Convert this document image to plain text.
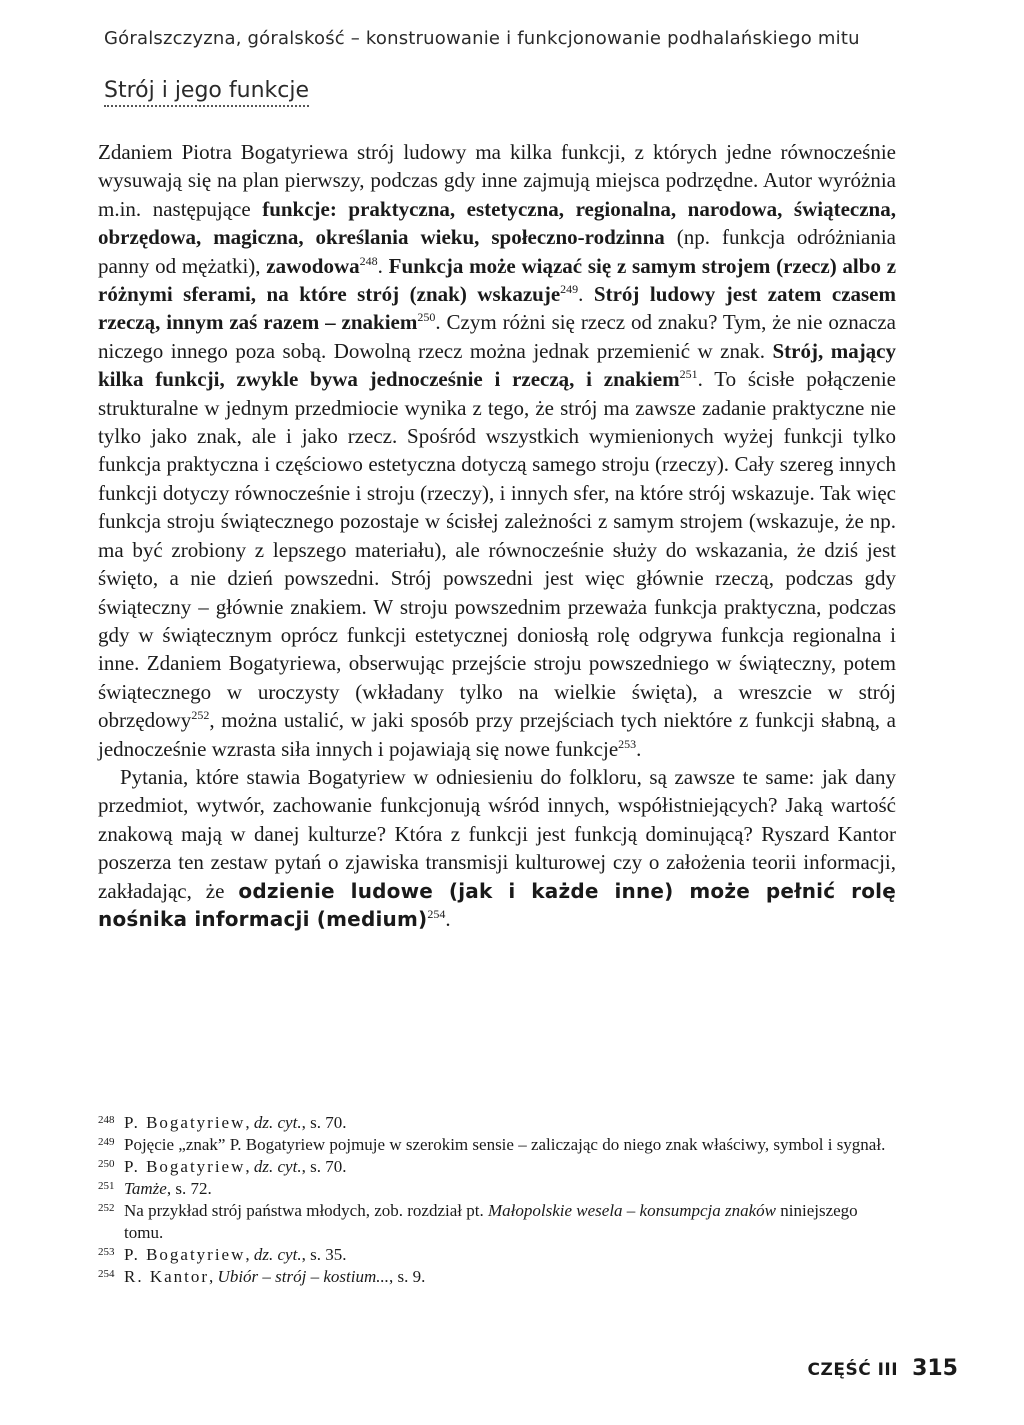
Góralszczyzna, góralskość – konstruowanie i funkcjonowanie podhalańskiego mitu
Strój i jego funkcje

Zdaniem Piotra Bogatyriewa strój ludowy ma kilka funkcji, z których jedne równocześnie wysuwają się na plan pierwszy, podczas gdy inne zajmują miejsca podrzędne. Autor wyróżnia m.in. następujące funkcje: praktyczna, estetyczna, regionalna, narodowa, świąteczna, obrzędowa, magiczna, określania wieku, społeczno-rodzinna (np. funkcja odróżniania panny od mężatki), zawodowa$^{248}$. Funkcja może wiązać się z samym strojem (rzecz) albo z różnymi sferami, na które strój (znak) wskazuje$^{249}$. Strój ludowy jest zatem czasem rzeczą, innym zaś razem – znakiem$^{250}$. Czym różni się rzecz od znaku? Tym, że nie oznacza niczego innego poza sobą. Dowolną rzecz można jednak przemienić w znak. Strój, mający kilka funkcji, zwykle bywa jednocześnie i rzeczą, i znakiem$^{251}$. To ścisłe połączenie strukturalne w jednym przedmiocie wynika z tego, że strój ma zawsze zadanie praktyczne nie tylko jako znak, ale i jako rzecz. Spośród wszystkich wymienionych wyżej funkcji tylko funkcja praktyczna i częściowo estetyczna dotyczą samego stroju (rzeczy). Cały szereg innych funkcji dotyczy równocześnie i stroju (rzeczy), i innych sfer, na które strój wskazuje. Tak więc funkcja stroju świątecznego pozostaje w ścisłej zależności z samym strojem (wskazuje, że np. ma być zrobiony z lepszego materiału), ale równocześnie służy do wskazania, że dziś jest święto, a nie dzień powszedni. Strój powszedni jest więc głównie rzeczą, podczas gdy świąteczny – głównie znakiem. W stroju powszednim przeważa funkcja praktyczna, podczas gdy w świątecznym oprócz funkcji estetycznej doniosłą rolę odgrywa funkcja regionalna i inne. Zdaniem Bogatyriewa, obserwując przejście stroju powszedniego w świąteczny, potem świątecznego w uroczysty (wkładany tylko na wielkie święta), a wreszcie w strój obrzędowy$^{252}$, można ustalić, w jaki sposób przy przejściach tych niektóre z funkcji słabną, a jednocześnie wzrasta siła innych i pojawiają się nowe funkcje$^{253}$.

Pytania, które stawia Bogatyriew w odniesieniu do folkloru, są zawsze te same: jak dany przedmiot, wytwór, zachowanie funkcjonują wśród innych, współistniejących? Jaką wartość znakową mają w danej kulturze? Która z funkcji jest funkcją dominującą? Ryszard Kantor poszerza ten zestaw pytań o zjawiska transmisji kulturowej czy o założenia teorii informacji, zakładając, że odzienie ludowe (jak i każde inne) może pełnić rolę nośnika informacji (medium)$^{254}$.

248 P. Bogatyriew, dz. cyt., s. 70.
249 Pojęcie „znak” P. Bogatyriew pojmuje w szerokim sensie – zaliczając do niego znak właściwy, symbol i sygnał.
250 P. Bogatyriew, dz. cyt., s. 70.
251 Tamże, s. 72.
252 Na przykład strój państwa młodych, zob. rozdział pt. Małopolskie wesela – konsumpcja znaków niniejszego tomu.
253 P. Bogatyriew, dz. cyt., s. 35.
254 R. Kantor, Ubiór – strój – kostium..., s. 9.
CZĘŚĆ III 315
